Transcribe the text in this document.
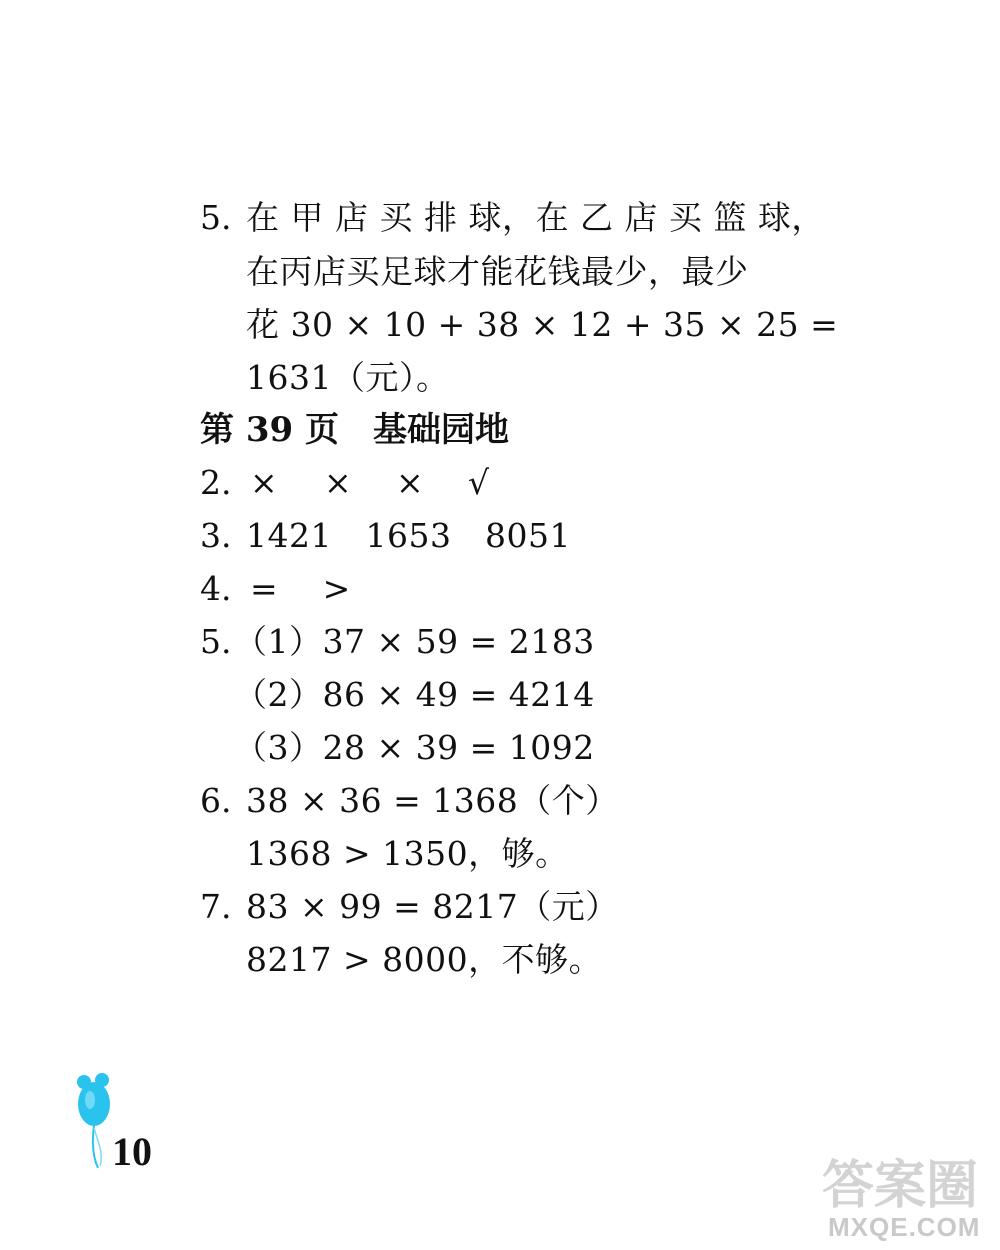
5. 在 甲 店 买 排 球，在 乙 店 买 篮 球，
在丙店买足球才能花钱最少，最少
花 30 × 10 + 38 × 12 + 35 × 25 =
1631（元）。
第 39 页　基础园地
2. × × × √
3. 1421　1653　8051
4. =　 >
5. （1）37 × 59 = 2183
（2）86 × 49 = 4214
（3）28 × 39 = 1092
6. 38 × 36 = 1368（个）
1368 > 1350，够。
7. 83 × 99 = 8217（元）
8217 > 8000，不够。
10
答案圈
MXQE.COM
